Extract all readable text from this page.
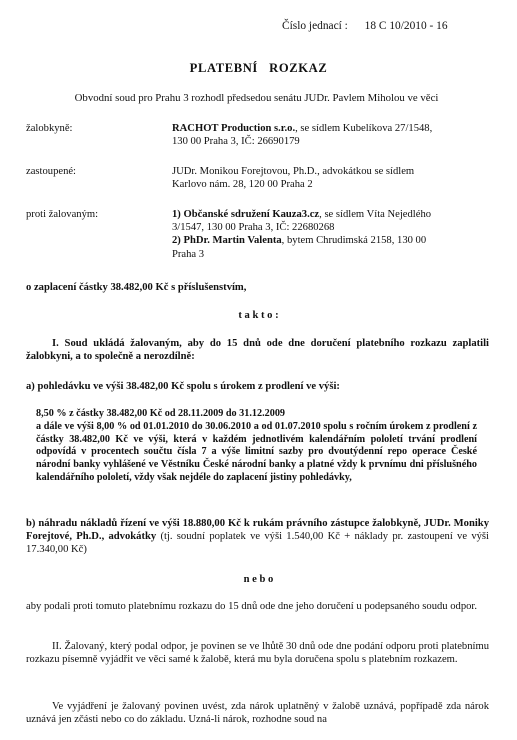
Číslo jednací : 18 C 10/2010 - 16
PLATEBNÍ   ROZKAZ
Obvodní soud pro Prahu 3 rozhodl předsedou senátu JUDr. Pavlem Miholou ve věci
žalobkyně:	RACHOT Production s.r.o., se sídlem Kubelíkova 27/1548,
130 00 Praha 3, IČ: 26690179
zastoupené:	JUDr. Monikou Forejtovou, Ph.D., advokátkou se sídlem
Karlovo nám. 28, 120 00 Praha 2
proti žalovaným:	1) Občanské sdružení Kauza3.cz, se sídlem Víta Nejedlého
3/1547, 130 00 Praha 3, IČ: 22680268
2) PhDr. Martin Valenta, bytem Chrudimská 2158, 130 00
Praha 3
o zaplacení částky 38.482,00 Kč s příslušenstvím,
t a k t o :
I. Soud ukládá žalovaným, aby do 15 dnů ode dne doručení platebního rozkazu zaplatili žalobkyni, a to společně a nerozdílně:
a) pohledávku ve výši 38.482,00 Kč spolu s úrokem z prodlení ve výši:
8,50 % z částky 38.482,00 Kč od 28.11.2009 do 31.12.2009
a dále ve výši 8,00 % od 01.01.2010 do 30.06.2010 a od 01.07.2010 spolu s ročním úrokem z prodlení z částky 38.482,00 Kč ve výši, která v každém jednotlivém kalendářním pololetí trvání prodlení odpovídá v procentech součtu čísla 7 a výše limitní sazby pro dvoutýdenní repo operace České národní banky vyhlášené ve Věstníku České národní banky a platné vždy k prvnímu dni příslušného kalendářního pololetí, vždy však nejdéle do zaplacení jistiny pohledávky,
b) náhradu nákladů řízení ve výši 18.880,00 Kč k rukám právního zástupce žalobkyně, JUDr. Moniky Forejtové, Ph.D., advokátky (tj. soudní poplatek ve výši 1.540,00 Kč + náklady pr. zastoupení ve výši 17.340,00 Kč)
n e b o
aby podali proti tomuto platebnímu rozkazu do 15 dnů ode dne jeho doručení u podepsaného soudu odpor.
II. Žalovaný, který podal odpor, je povinen se ve lhůtě 30 dnů ode dne podání odporu proti platebnímu rozkazu písemně vyjádřit ve věci samé k žalobě, která mu byla doručena spolu s platebním rozkazem.
Ve vyjádření je žalovaný povinen uvést, zda nárok uplatněný v žalobě uznává, popřípadě zda nárok uznává jen zčásti nebo co do základu. Uzná-li nárok, rozhodne soud na
